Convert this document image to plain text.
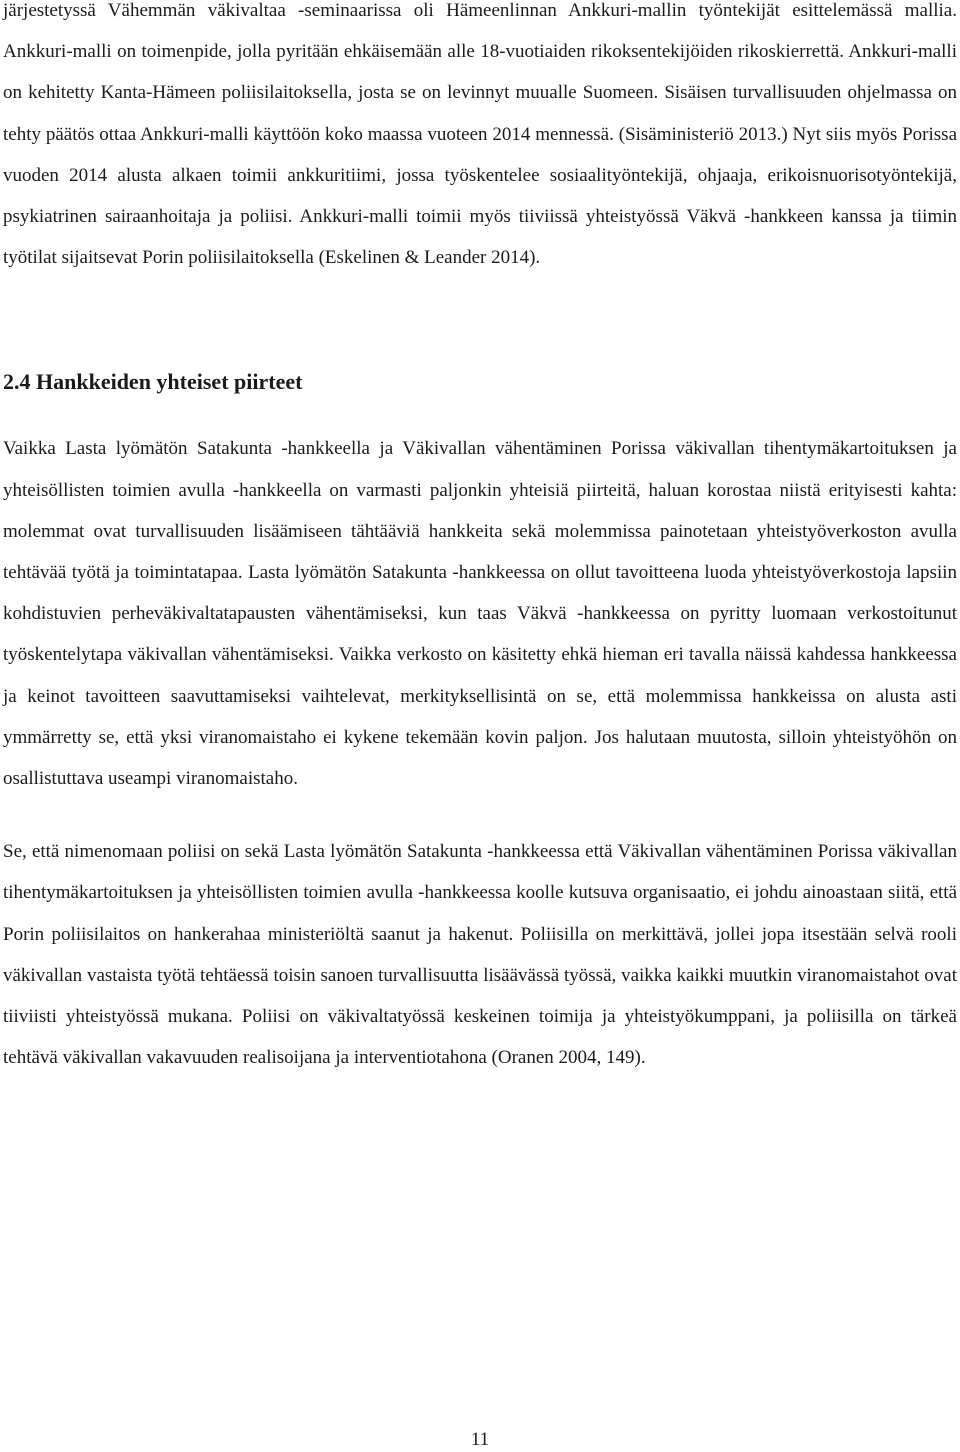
järjestetyssä Vähemmän väkivaltaa -seminaarissa oli Hämeenlinnan Ankkuri-mallin työntekijät esittelemässä mallia. Ankkuri-malli on toimenpide, jolla pyritään ehkäisemään alle 18-vuotiaiden rikoksentekijöiden rikoskierrettä. Ankkuri-malli on kehitetty Kanta-Hämeen poliisilaitoksella, josta se on levinnyt muualle Suomeen. Sisäisen turvallisuuden ohjelmassa on tehty päätös ottaa Ankkuri-malli käyttöön koko maassa vuoteen 2014 mennessä. (Sisäministeriö 2013.) Nyt siis myös Porissa vuoden 2014 alusta alkaen toimii ankkuritiimi, jossa työskentelee sosiaalityöntekijä, ohjaaja, erikoisnuorisotyöntekijä, psykiatrinen sairaanhoitaja ja poliisi. Ankkuri-malli toimii myös tiiviissä yhteistyössä Väkvä -hankkeen kanssa ja tiimin työtilat sijaitsevat Porin poliisilaitoksella (Eskelinen & Leander 2014).

2.4 Hankkeiden yhteiset piirteet

Vaikka Lasta lyömätön Satakunta -hankkeella ja Väkivallan vähentäminen Porissa väkivallan tihentymäkartoituksen ja yhteisöllisten toimien avulla -hankkeella on varmasti paljonkin yhteisiä piirteitä, haluan korostaa niistä erityisesti kahta: molemmat ovat turvallisuuden lisäämiseen tähtääviä hankkeita sekä molemmissa painotetaan yhteistyöverkoston avulla tehtävää työtä ja toimintatapaa. Lasta lyömätön Satakunta -hankkeessa on ollut tavoitteena luoda yhteistyöverkostoja lapsiin kohdistuvien perheväkivaltatapausten vähentämiseksi, kun taas Väkvä -hankkeessa on pyritty luomaan verkostoitunut työskentelytapa väkivallan vähentämiseksi. Vaikka verkosto on käsitetty ehkä hieman eri tavalla näissä kahdessa hankkeessa ja keinot tavoitteen saavuttamiseksi vaihtelevat, merkityksellisintä on se, että molemmissa hankkeissa on alusta asti ymmärretty se, että yksi viranomaistaho ei kykene tekemään kovin paljon. Jos halutaan muutosta, silloin yhteistyöhön on osallistuttava useampi viranomaistaho.

Se, että nimenomaan poliisi on sekä Lasta lyömätön Satakunta -hankkeessa että Väkivallan vähentäminen Porissa väkivallan tihentymäkartoituksen ja yhteisöllisten toimien avulla -hankkeessa koolle kutsuva organisaatio, ei johdu ainoastaan siitä, että Porin poliisilaitos on hankerahaa ministeriöltä saanut ja hakenut. Poliisilla on merkittävä, jollei jopa itsestään selvä rooli väkivallan vastaista työtä tehtäessä toisin sanoen turvallisuutta lisäävässä työssä, vaikka kaikki muutkin viranomaistahot ovat tiiviisti yhteistyössä mukana. Poliisi on väkivaltatyössä keskeinen toimija ja yhteistyökumppani, ja poliisilla on tärkeä tehtävä väkivallan vakavuuden realisoijana ja interventiotahona (Oranen 2004, 149).

11
